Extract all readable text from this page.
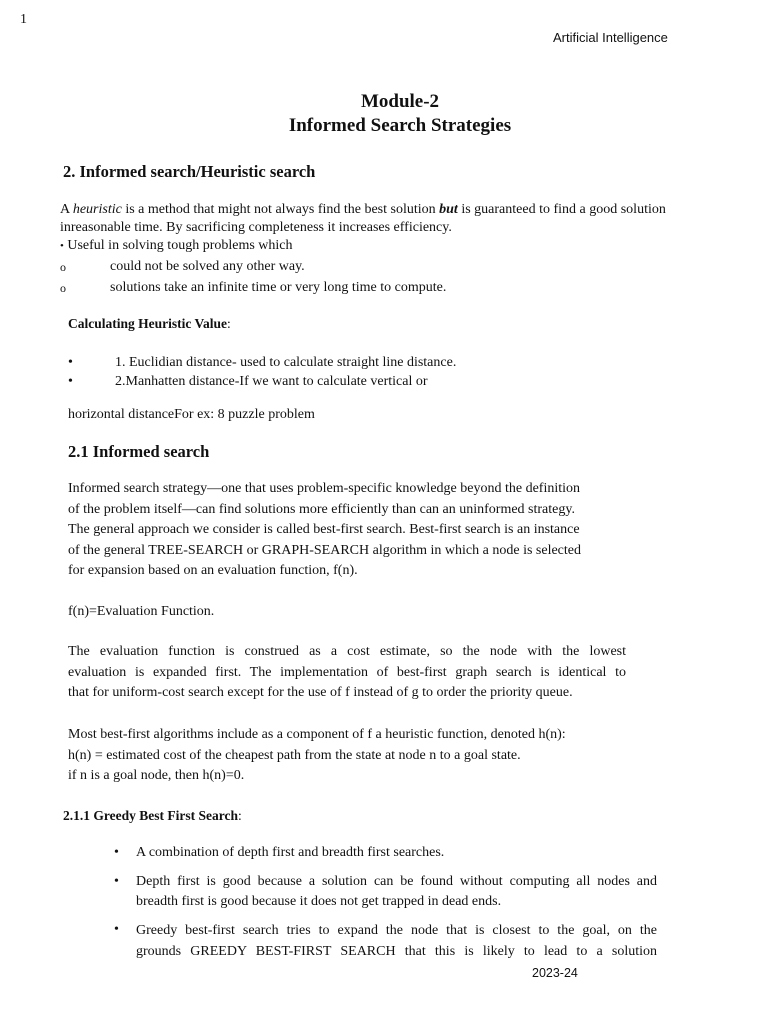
1
Artificial Intelligence
Module-2
Informed Search Strategies
2. Informed search/Heuristic search
A heuristic is a method that might not always find the best solution but is guaranteed to find a good solution
inreasonable time. By sacrificing completeness it increases efficiency.
• Useful in solving tough problems which
o	could not be solved any other way.
o	solutions take an infinite time or very long time to compute.
Calculating Heuristic Value:
•	1. Euclidian distance- used to calculate straight line distance.
•	2.Manhatten distance-If we want to calculate vertical or
horizontal distanceFor ex: 8 puzzle problem
2.1 Informed search
Informed search strategy—one that uses problem-specific knowledge beyond the definition
of the problem itself—can find solutions more efficiently than can an uninformed strategy.
The general approach we consider is called best-first search. Best-first search is an instance
of the general TREE-SEARCH or GRAPH-SEARCH algorithm in which a node is selected
for expansion based on an evaluation function, f(n).
f(n)=Evaluation Function.
The evaluation function is construed as a cost estimate, so the node with the lowest
evaluation is expanded first. The implementation of best-first graph search is identical to
that for uniform-cost search except for the use of f instead of g to order the priority queue.
Most best-first algorithms include as a component of f a heuristic function, denoted h(n):
h(n) = estimated cost of the cheapest path from the state at node n to a goal state.
if n is a goal node, then h(n)=0.
2.1.1 Greedy Best First Search:
• A combination of depth first and breadth first searches.
• Depth first is good because a solution can be found without computing all nodes and
breadth first is good because it does not get trapped in dead ends.
• Greedy best-first search tries to expand the node that is closest to the goal, on the
grounds GREEDY BEST-FIRST SEARCH that this is likely to lead to a solution
2023-24
